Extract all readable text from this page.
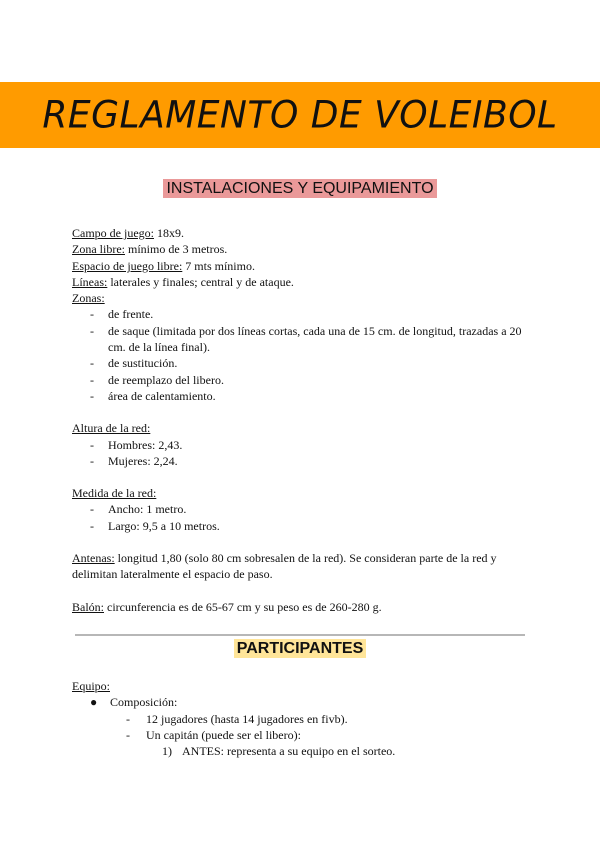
REGLAMENTO DE VOLEIBOL
INSTALACIONES Y EQUIPAMIENTO
Campo de juego: 18x9.
Zona libre: mínimo de 3 metros.
Espacio de juego libre: 7 mts mínimo.
Líneas: laterales y finales; central y de ataque.
Zonas:
- de frente.
- de saque (limitada por dos líneas cortas, cada una de 15 cm. de longitud, trazadas a 20 cm. de la línea final).
- de sustitución.
- de reemplazo del libero.
- área de calentamiento.
Altura de la red:
- Hombres: 2,43.
- Mujeres: 2,24.
Medida de la red:
- Ancho: 1 metro.
- Largo: 9,5 a 10 metros.
Antenas: longitud 1,80 (solo 80 cm sobresalen de la red). Se consideran parte de la red y delimitan lateralmente el espacio de paso.
Balón: circunferencia es de 65-67 cm y su peso es de 260-280 g.
PARTICIPANTES
Equipo:
● Composición:
- 12 jugadores (hasta 14 jugadores en fivb).
- Un capitán (puede ser el libero):
1) ANTES: representa a su equipo en el sorteo.
